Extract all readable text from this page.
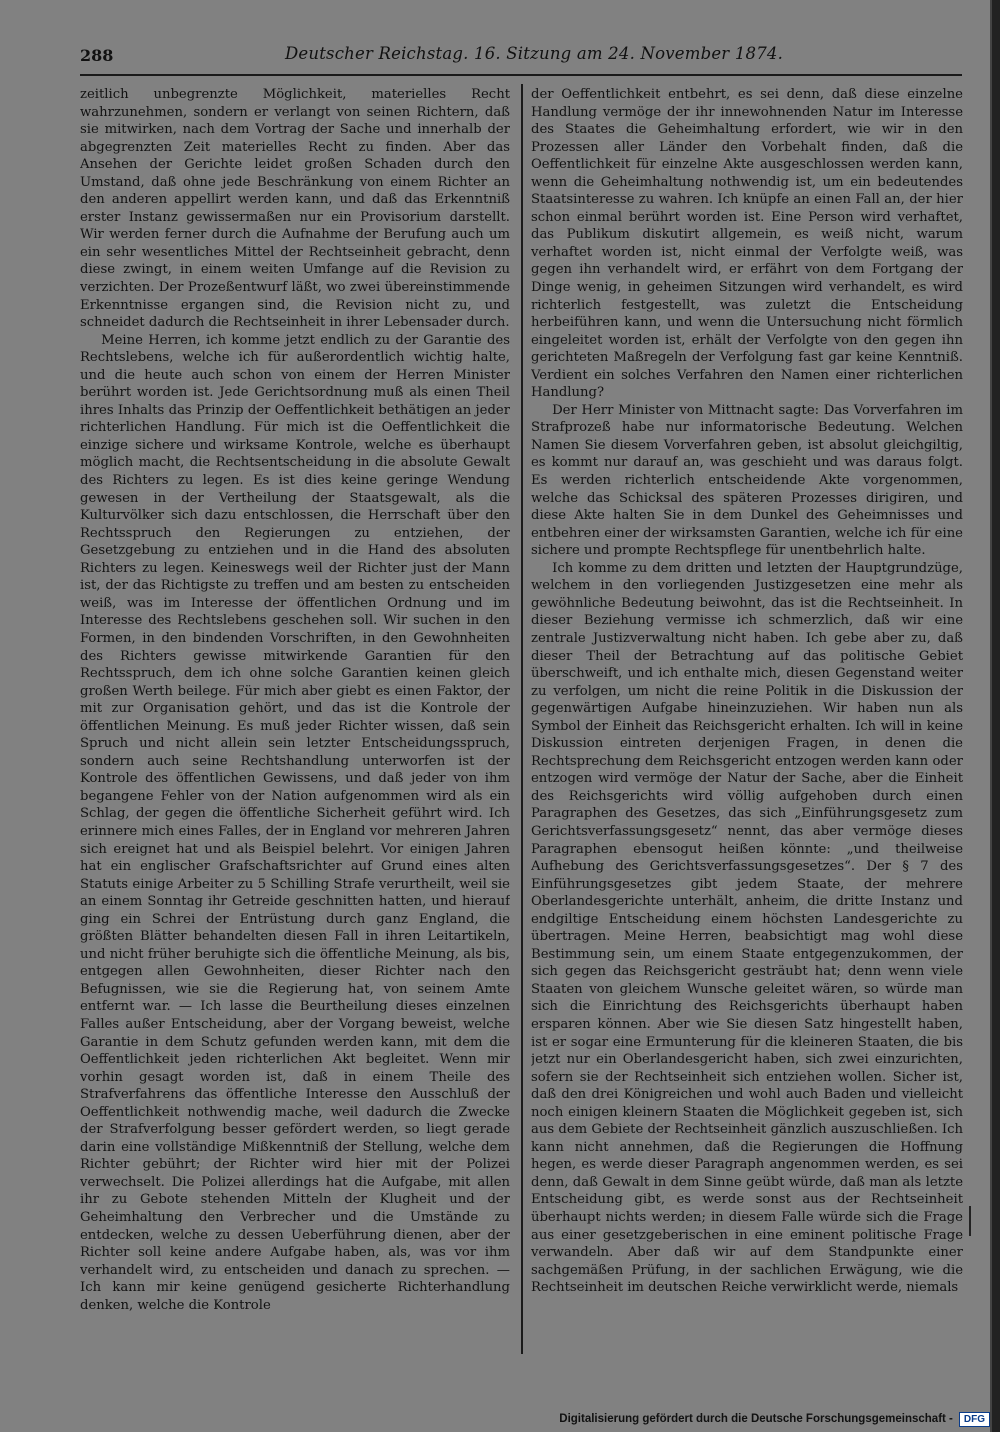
288	Deutscher Reichstag. 16. Sitzung am 24. November 1874.

zeitlich unbegrenzte Möglichkeit, materielles Recht wahrzunehmen, sondern er verlangt von seinen Richtern, daß sie mitwirken, nach dem Vortrag der Sache und innerhalb der abgegrenzten Zeit materielles Recht zu finden. Aber das Ansehen der Gerichte leidet großen Schaden durch den Umstand, daß ohne jede Beschränkung von einem Richter an den anderen appellirt werden kann, und daß das Erkenntniß erster Instanz gewissermaßen nur ein Provisorium darstellt. Wir werden ferner durch die Aufnahme der Berufung auch um ein sehr wesentliches Mittel der Rechtseinheit gebracht, denn diese zwingt, in einem weiten Umfange auf die Revision zu verzichten. Der Prozeßentwurf läßt, wo zwei übereinstimmende Erkenntnisse ergangen sind, die Revision nicht zu, und schneidet dadurch die Rechtseinheit in ihrer Lebensader durch.

Meine Herren, ich komme jetzt endlich zu der Garantie des Rechtslebens, welche ich für außerordentlich wichtig halte, und die heute auch schon von einem der Herren Minister berührt worden ist. Jede Gerichtsordnung muß als einen Theil ihres Inhalts das Prinzip der Oeffentlichkeit bethätigen an jeder richterlichen Handlung. Für mich ist die Oeffentlichkeit die einzige sichere und wirksame Kontrole, welche es überhaupt möglich macht, die Rechtsentscheidung in die absolute Gewalt des Richters zu legen. Es ist dies keine geringe Wendung gewesen in der Vertheilung der Staatsgewalt, als die Kulturvölker sich dazu entschlossen, die Herrschaft über den Rechtsspruch den Regierungen zu entziehen, der Gesetzgebung zu entziehen und in die Hand des absoluten Richters zu legen. Keineswegs weil der Richter just der Mann ist, der das Richtigste zu treffen und am besten zu entscheiden weiß, was im Interesse der öffentlichen Ordnung und im Interesse des Rechtslebens geschehen soll. Wir suchen in den Formen, in den bindenden Vorschriften, in den Gewohnheiten des Richters gewisse mitwirkende Garantien für den Rechtsspruch, dem ich ohne solche Garantien keinen gleich großen Werth beilege. Für mich aber giebt es einen Faktor, der mit zur Organisation gehört, und das ist die Kontrole der öffentlichen Meinung. Es muß jeder Richter wissen, daß sein Spruch und nicht allein sein letzter Entscheidungsspruch, sondern auch seine Rechtshandlung unterworfen ist der Kontrole des öffentlichen Gewissens, und daß jeder von ihm begangene Fehler von der Nation aufgenommen wird als ein Schlag, der gegen die öffentliche Sicherheit geführt wird. Ich erinnere mich eines Falles, der in England vor mehreren Jahren sich ereignet hat und als Beispiel belehrt. Vor einigen Jahren hat ein englischer Grafschaftsrichter auf Grund eines alten Statuts einige Arbeiter zu 5 Schilling Strafe verurtheilt, weil sie an einem Sonntag ihr Getreide geschnitten hatten, und hierauf ging ein Schrei der Entrüstung durch ganz England, die größten Blätter behandelten diesen Fall in ihren Leitartikeln, und nicht früher beruhigte sich die öffentliche Meinung, als bis, entgegen allen Gewohnheiten, dieser Richter nach den Befugnissen, wie sie die Regierung hat, von seinem Amte entfernt war. — Ich lasse die Beurtheilung dieses einzelnen Falles außer Entscheidung, aber der Vorgang beweist, welche Garantie in dem Schutz gefunden werden kann, mit dem die Oeffentlichkeit jeden richterlichen Akt begleitet. Wenn mir vorhin gesagt worden ist, daß in einem Theile des Strafverfahrens das öffentliche Interesse den Ausschluß der Oeffentlichkeit nothwendig mache, weil dadurch die Zwecke der Strafverfolgung besser gefördert werden, so liegt gerade darin eine vollständige Mißkenntniß der Stellung, welche dem Richter gebührt; der Richter wird hier mit der Polizei verwechselt. Die Polizei allerdings hat die Aufgabe, mit allen ihr zu Gebote stehenden Mitteln der Klugheit und der Geheimhaltung den Verbrecher und die Umstände zu entdecken, welche zu dessen Ueberführung dienen, aber der Richter soll keine andere Aufgabe haben, als, was vor ihm verhandelt wird, zu entscheiden und danach zu sprechen. — Ich kann mir keine genügend gesicherte Richterhandlung denken, welche die Kontrole

der Oeffentlichkeit entbehrt, es sei denn, daß diese einzelne Handlung vermöge der ihr innewohnenden Natur im Interesse des Staates die Geheimhaltung erfordert, wie wir in den Prozessen aller Länder den Vorbehalt finden, daß die Oeffentlichkeit für einzelne Akte ausgeschlossen werden kann, wenn die Geheimhaltung nothwendig ist, um ein bedeutendes Staatsinteresse zu wahren. Ich knüpfe an einen Fall an, der hier schon einmal berührt worden ist. Eine Person wird verhaftet, das Publikum diskutirt allgemein, es weiß nicht, warum verhaftet worden ist, nicht einmal der Verfolgte weiß, was gegen ihn verhandelt wird, er erfährt von dem Fortgang der Dinge wenig, in geheimen Sitzungen wird verhandelt, es wird richterlich festgestellt, was zuletzt die Entscheidung herbeiführen kann, und wenn die Untersuchung nicht förmlich eingeleitet worden ist, erhält der Verfolgte von den gegen ihn gerichteten Maßregeln der Verfolgung fast gar keine Kenntniß. Verdient ein solches Verfahren den Namen einer richterlichen Handlung?

Der Herr Minister von Mittnacht sagte: Das Vorverfahren im Strafprozeß habe nur informatorische Bedeutung. Welchen Namen Sie diesem Vorverfahren geben, ist absolut gleichgiltig, es kommt nur darauf an, was geschieht und was daraus folgt. Es werden richterlich entscheidende Akte vorgenommen, welche das Schicksal des späteren Prozesses dirigiren, und diese Akte halten Sie in dem Dunkel des Geheimnisses und entbehren einer der wirksamsten Garantien, welche ich für eine sichere und prompte Rechtspflege für unentbehrlich halte.

Ich komme zu dem dritten und letzten der Hauptgrundzüge, welchem in den vorliegenden Justizgesetzen eine mehr als gewöhnliche Bedeutung beiwohnt, das ist die Rechtseinheit. In dieser Beziehung vermisse ich schmerzlich, daß wir eine zentrale Justizverwaltung nicht haben. Ich gebe aber zu, daß dieser Theil der Betrachtung auf das politische Gebiet überschweift, und ich enthalte mich, diesen Gegenstand weiter zu verfolgen, um nicht die reine Politik in die Diskussion der gegenwärtigen Aufgabe hineinzuziehen. Wir haben nun als Symbol der Einheit das Reichsgericht erhalten. Ich will in keine Diskussion eintreten derjenigen Fragen, in denen die Rechtsprechung dem Reichsgericht entzogen werden kann oder entzogen wird vermöge der Natur der Sache, aber die Einheit des Reichsgerichts wird völlig aufgehoben durch einen Paragraphen des Gesetzes, das sich „Einführungsgesetz zum Gerichtsverfassungsgesetz“ nennt, das aber vermöge dieses Paragraphen ebensogut heißen könnte: „und theilweise Aufhebung des Gerichtsverfassungsgesetzes“. Der § 7 des Einführungsgesetzes gibt jedem Staate, der mehrere Oberlandesgerichte unterhält, anheim, die dritte Instanz und endgiltige Entscheidung einem höchsten Landesgerichte zu übertragen. Meine Herren, beabsichtigt mag wohl diese Bestimmung sein, um einem Staate entgegenzukommen, der sich gegen das Reichsgericht gesträubt hat; denn wenn viele Staaten von gleichem Wunsche geleitet wären, so würde man sich die Einrichtung des Reichsgerichts überhaupt haben ersparen können. Aber wie Sie diesen Satz hingestellt haben, ist er sogar eine Ermunterung für die kleineren Staaten, die bis jetzt nur ein Oberlandesgericht haben, sich zwei einzurichten, sofern sie der Rechtseinheit sich entziehen wollen. Sicher ist, daß den drei Königreichen und wohl auch Baden und vielleicht noch einigen kleinern Staaten die Möglichkeit gegeben ist, sich aus dem Gebiete der Rechtseinheit gänzlich auszuschließen. Ich kann nicht annehmen, daß die Regierungen die Hoffnung hegen, es werde dieser Paragraph angenommen werden, es sei denn, daß Gewalt in dem Sinne geübt würde, daß man als letzte Entscheidung gibt, es werde sonst aus der Rechtseinheit überhaupt nichts werden; in diesem Falle würde sich die Frage aus einer gesetzgeberischen in eine eminent politische Frage verwandeln. Aber daß wir auf dem Standpunkte einer sachgemäßen Prüfung, in der sachlichen Erwägung, wie die Rechtseinheit im deutschen Reiche verwirklicht werde, niemals

Digitalisierung gefördert durch die Deutsche Forschungsgemeinschaft -	DFG
